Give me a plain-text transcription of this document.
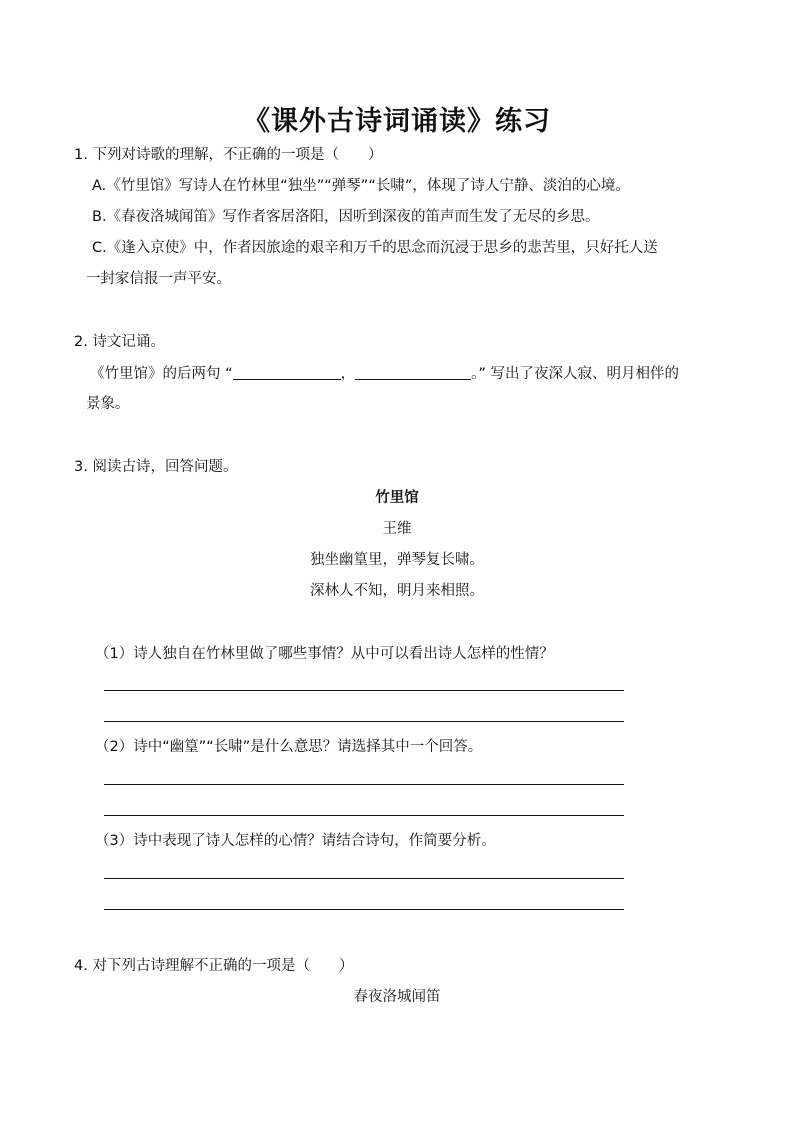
《课外古诗词诵读》练习
1. 下列对诗歌的理解，不正确的一项是（　　）
A.《竹里馆》写诗人在竹林里“独坐”“弹琴”“长啸”，体现了诗人宁静、淡泊的心境。
B.《春夜洛城闻笛》写作者客居洛阳，因听到深夜的笛声而生发了无尽的乡思。
C.《逢入京使》中，作者因旅途的艰辛和万千的思念而沉浸于思乡的悲苦里，只好托人送
一封家信报一声平安。
2. 诗文记诵。
《竹里馆》的后两句 “	，	。” 写出了夜深人寂、明月相伴的
景象。
3. 阅读古诗，回答问题。
竹里馆
王维
独坐幽篁里，弹琴复长啸。
深林人不知，明月来相照。
（1）诗人独自在竹林里做了哪些事情？从中可以看出诗人怎样的性情？
（2）诗中“幽篁”“长啸”是什么意思？请选择其中一个回答。
（3）诗中表现了诗人怎样的心情？请结合诗句，作简要分析。
4. 对下列古诗理解不正确的一项是（　　）
春夜洛城闻笛
